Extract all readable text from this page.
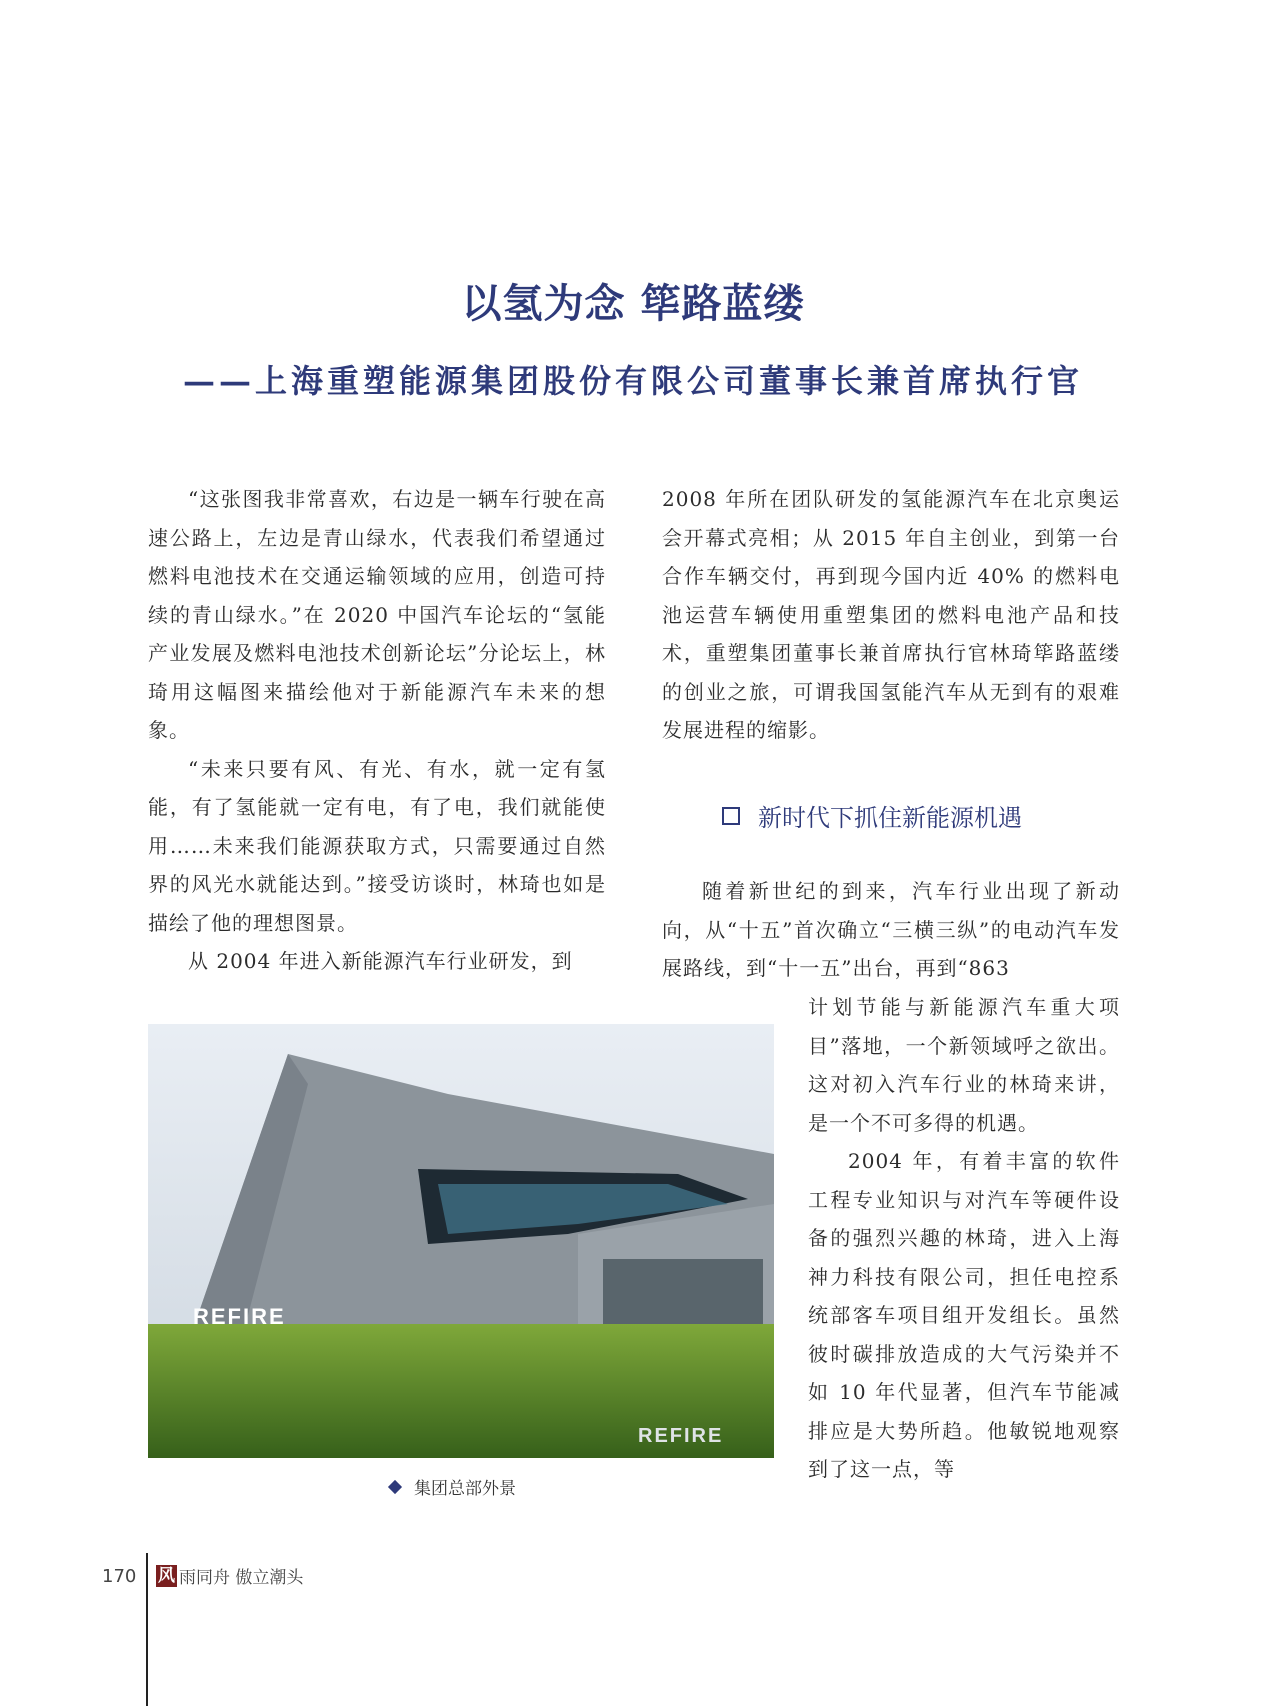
以氢为念 筚路蓝缕
——上海重塑能源集团股份有限公司董事长兼首席执行官

“这张图我非常喜欢，右边是一辆车行驶在高速公路上，左边是青山绿水，代表我们希望通过燃料电池技术在交通运输领域的应用，创造可持续的青山绿水。”在 2020 中国汽车论坛的“氢能产业发展及燃料电池技术创新论坛”分论坛上，林琦用这幅图来描绘他对于新能源汽车未来的想象。

“未来只要有风、有光、有水，就一定有氢能，有了氢能就一定有电，有了电，我们就能使用……未来我们能源获取方式，只需要通过自然界的风光水就能达到。”接受访谈时，林琦也如是描绘了他的理想图景。

从 2004 年进入新能源汽车行业研发，到

2008 年所在团队研发的氢能源汽车在北京奥运会开幕式亮相；从 2015 年自主创业，到第一台合作车辆交付，再到现今国内近 40% 的燃料电池运营车辆使用重塑集团的燃料电池产品和技术，重塑集团董事长兼首席执行官林琦筚路蓝缕的创业之旅，可谓我国氢能汽车从无到有的艰难发展进程的缩影。

新时代下抓住新能源机遇

随着新世纪的到来，汽车行业出现了新动向，从“十五”首次确立“三横三纵”的电动汽车发展路线，到“十一五”出台，再到“863

计划节能与新能源汽车重大项目”落地，一个新领域呼之欲出。这对初入汽车行业的林琦来讲，是一个不可多得的机遇。

2004 年，有着丰富的软件工程专业知识与对汽车等硬件设备的强烈兴趣的林琦，进入上海神力科技有限公司，担任电控系统部客车项目组开发组长。虽然彼时碳排放造成的大气污染并不如 10 年代显著，但汽车节能减排应是大势所趋。他敏锐地观察到了这一点，等

REFIRE
REFIRE
集团总部外景
170 风 雨同舟 傲立潮头
